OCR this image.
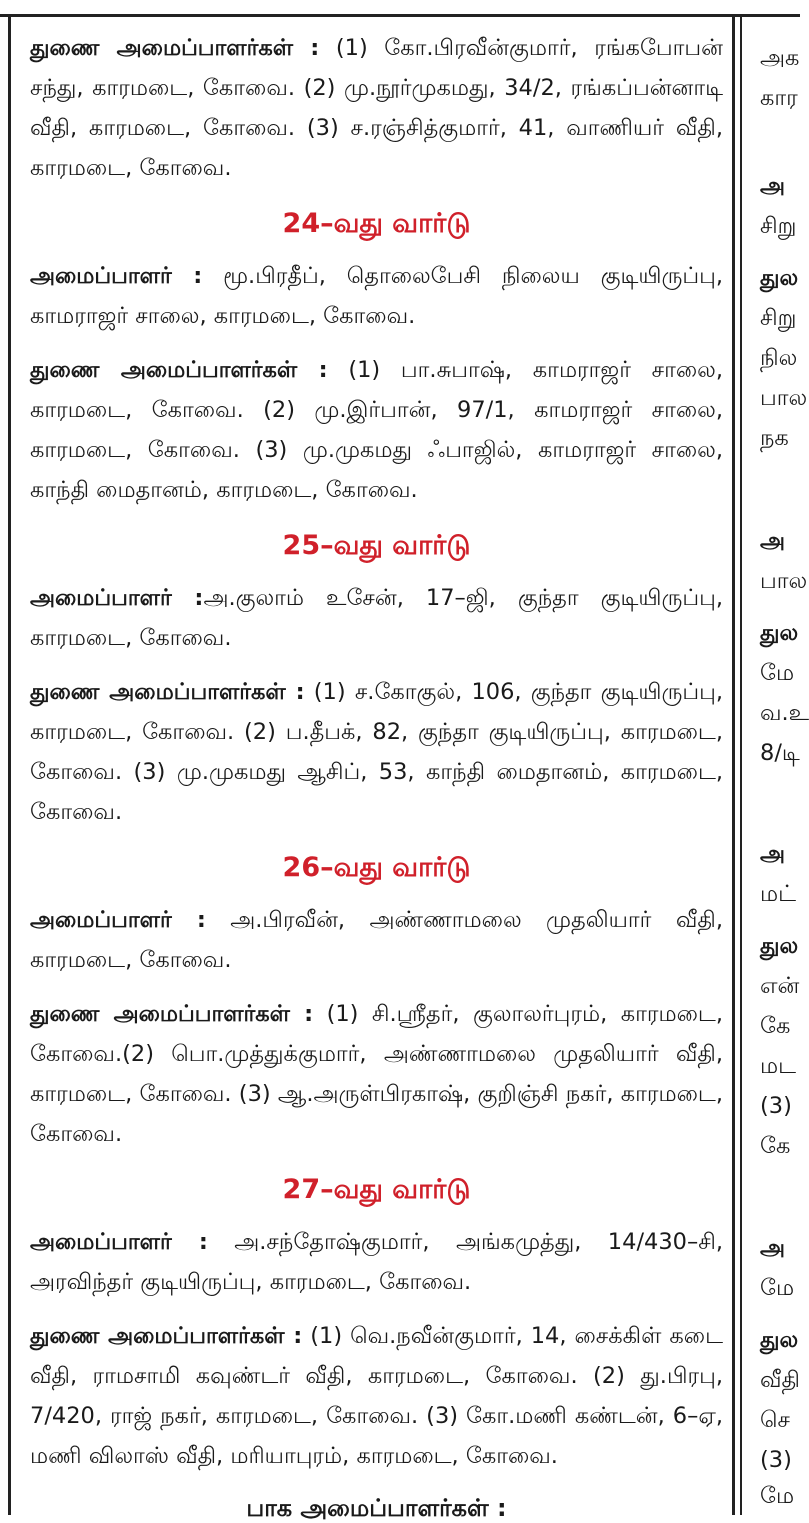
துணை அமைப்பாளர்கள் : (1) கோ.பிரவீன்குமார், ரங்கபோபன் சந்து, காரமடை, கோவை. (2) மு.நூர்முகமது, 34/2, ரங்கப்பன்னாடி வீதி, காரமடை, கோவை. (3) ச.ரஞ்சித்குமார், 41, வாணியர் வீதி, காரமடை, கோவை.

24–வது வார்டு

அமைப்பாளர் : மூ.பிரதீப், தொலைபேசி நிலைய குடியிருப்பு, காமராஜர் சாலை, காரமடை, கோவை.

துணை அமைப்பாளர்கள் : (1) பா.சுபாஷ், காமராஜர் சாலை, காரமடை, கோவை. (2) மு.இர்பான், 97/1, காமராஜர் சாலை, காரமடை, கோவை. (3) மு.முகமது ஃபாஜில், காமராஜர் சாலை, காந்தி மைதானம், காரமடை, கோவை.

25–வது வார்டு

அமைப்பாளர் :அ.குலாம் உசேன், 17–ஜி, குந்தா குடியிருப்பு, காரமடை, கோவை.

துணை அமைப்பாளர்கள் : (1) ச.கோகுல், 106, குந்தா குடியிருப்பு, காரமடை, கோவை. (2) ப.தீபக், 82, குந்தா குடியிருப்பு, காரமடை, கோவை. (3) மு.முகமது ஆசிப், 53, காந்தி மைதானம், காரமடை, கோவை.

26–வது வார்டு

அமைப்பாளர் : அ.பிரவீன், அண்ணாமலை முதலியார் வீதி, காரமடை, கோவை.

துணை அமைப்பாளர்கள் : (1) சி.ஸ்ரீதர், குலாலர்புரம், காரமடை, கோவை.(2) பொ.முத்துக்குமார், அண்ணாமலை முதலியார் வீதி, காரமடை, கோவை. (3) ஆ.அருள்பிரகாஷ், குறிஞ்சி நகர், காரமடை, கோவை.

27–வது வார்டு

அமைப்பாளர் : அ.சந்தோஷ்குமார், அங்கமுத்து, 14/430–சி, அரவிந்தர் குடியிருப்பு, காரமடை, கோவை.

துணை அமைப்பாளர்கள் : (1) வெ.நவீன்குமார், 14, சைக்கிள் கடை வீதி, ராமசாமி கவுண்டர் வீதி, காரமடை, கோவை. (2) து.பிரபு, 7/420, ராஜ் நகர், காரமடை, கோவை. (3) கோ.மணி கண்டன், 6–ஏ, மணி விலாஸ் வீதி, மரியாபுரம், காரமடை, கோவை.

பாக அமைப்பாளர்கள் :
அக
கார
அ
சிறு
துல
சிறு
நில
பால
நக
அ
பால
துல
மே
வ.உ
8/டி
அ
மட்
துல
என்
கே
மட
(3)
கே
அ
மே
துல
வீதி
செ
(3)
மே
